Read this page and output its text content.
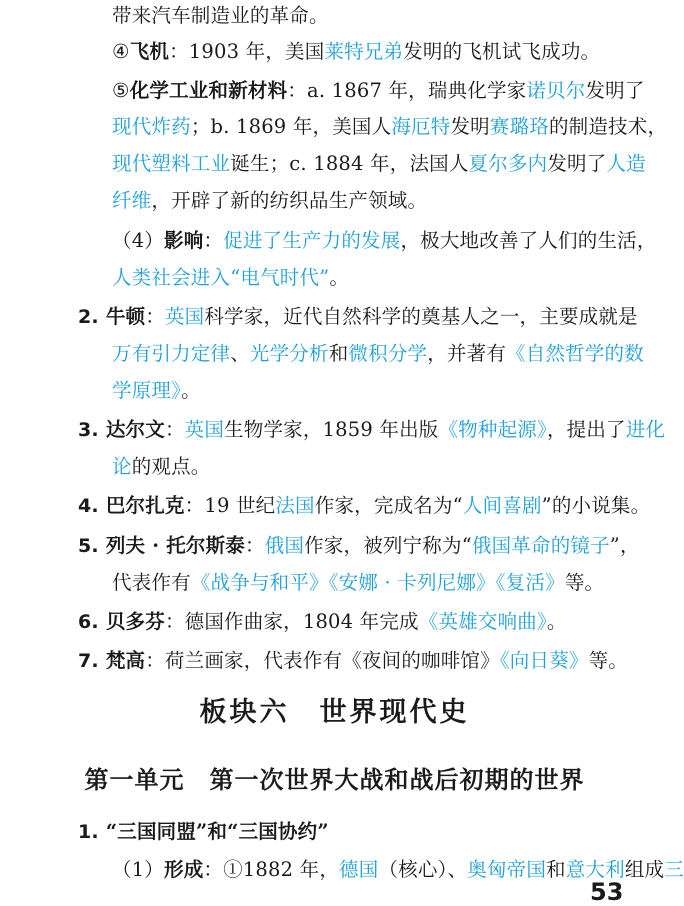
带来汽车制造业的革命。
④飞机：1903 年，美国莱特兄弟发明的飞机试飞成功。
⑤化学工业和新材料：a. 1867 年，瑞典化学家诺贝尔发明了
现代炸药；b. 1869 年，美国人海厄特发明赛璐珞的制造技术，
现代塑料工业诞生；c. 1884 年，法国人夏尔多内发明了人造
纤维，开辟了新的纺织品生产领域。
（4）影响：促进了生产力的发展，极大地改善了人们的生活，
人类社会进入“电气时代”。
2. 牛顿：英国科学家，近代自然科学的奠基人之一，主要成就是
万有引力定律、光学分析和微积分学，并著有《自然哲学的数
学原理》。
3. 达尔文：英国生物学家，1859 年出版《物种起源》，提出了进化
论的观点。
4. 巴尔扎克：19 世纪法国作家，完成名为“人间喜剧”的小说集。
5. 列夫 · 托尔斯泰：俄国作家，被列宁称为“俄国革命的镜子”，
代表作有《战争与和平》《安娜 · 卡列尼娜》《复活》等。
6. 贝多芬：德国作曲家，1804 年完成《英雄交响曲》。
7. 梵高：荷兰画家，代表作有《夜间的咖啡馆》《向日葵》等。
1. “三国同盟”和“三国协约”
（1）形成：①1882 年，德国（核心）、奥匈帝国和意大利组成三
板块六　世界现代史
第一单元　第一次世界大战和战后初期的世界
53
